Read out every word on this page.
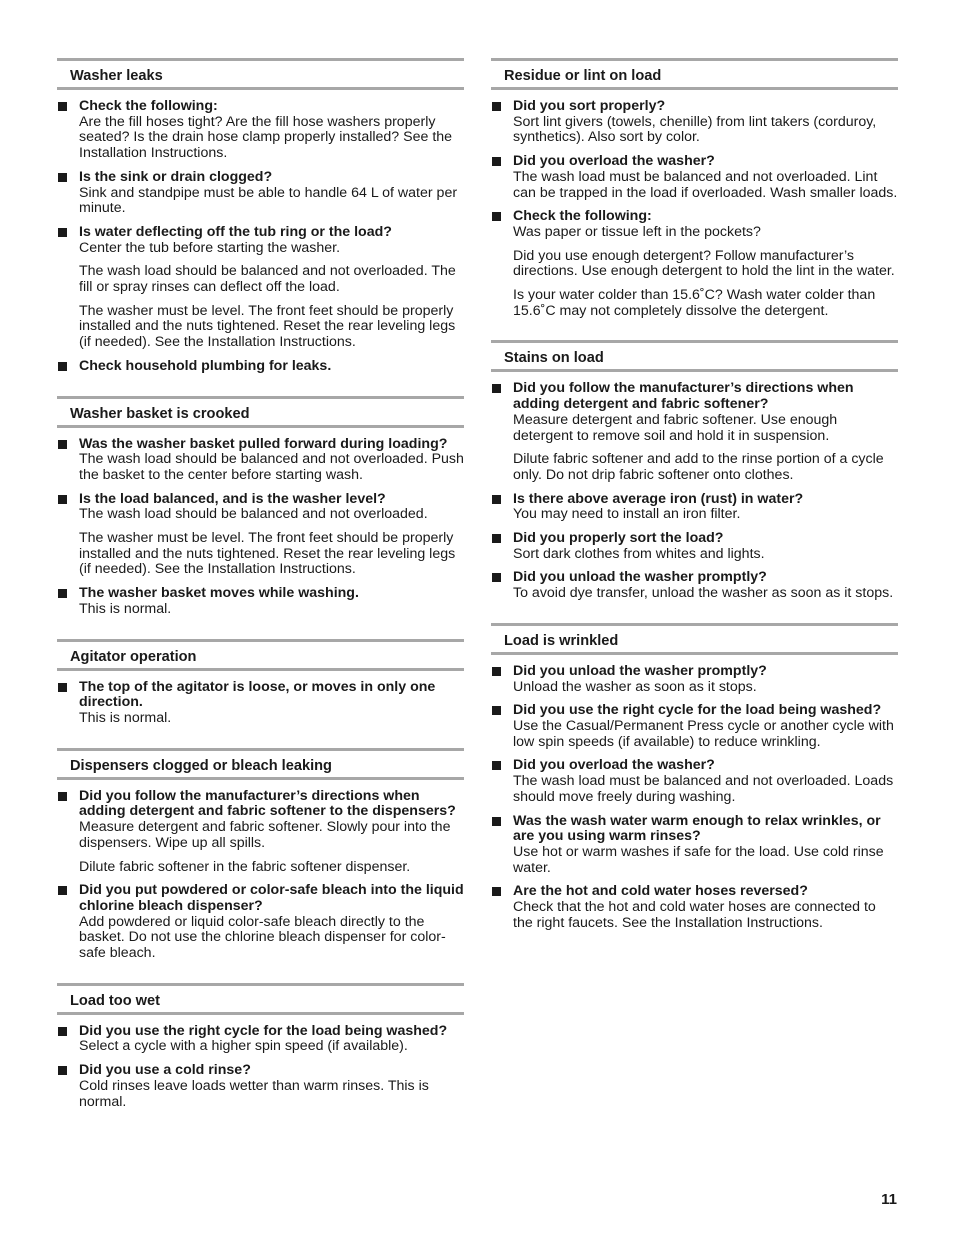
Washer leaks
Check the following:

Are the fill hoses tight? Are the fill hose washers properly seated? Is the drain hose clamp properly installed? See the Installation Instructions.

Is the sink or drain clogged?

Sink and standpipe must be able to handle 64 L of water per minute.

Is water deflecting off the tub ring or the load?

Center the tub before starting the washer.

The wash load should be balanced and not overloaded. The fill or spray rinses can deflect off the load.

The washer must be level. The front feet should be properly installed and the nuts tightened. Reset the rear leveling legs (if needed). See the Installation Instructions.

Check household plumbing for leaks.
Washer basket is crooked
Was the washer basket pulled forward during loading?

The wash load should be balanced and not overloaded. Push the basket to the center before starting wash.

Is the load balanced, and is the washer level?

The wash load should be balanced and not overloaded.

The washer must be level. The front feet should be properly installed and the nuts tightened. Reset the rear leveling legs (if needed). See the Installation Instructions.

The washer basket moves while washing.

This is normal.

Agitator operation
The top of the agitator is loose, or moves in only one direction.

This is normal.

Dispensers clogged or bleach leaking
Did you follow the manufacturer’s directions when adding detergent and fabric softener to the dispensers?

Measure detergent and fabric softener. Slowly pour into the dispensers. Wipe up all spills.

Dilute fabric softener in the fabric softener dispenser.

Did you put powdered or color-safe bleach into the liquid chlorine bleach dispenser?

Add powdered or liquid color-safe bleach directly to the basket. Do not use the chlorine bleach dispenser for color-safe bleach.

Load too wet
Did you use the right cycle for the load being washed?

Select a cycle with a higher spin speed (if available).

Did you use a cold rinse?

Cold rinses leave loads wetter than warm rinses. This is normal.

Residue or lint on load
Did you sort properly?

Sort lint givers (towels, chenille) from lint takers (corduroy, synthetics). Also sort by color.

Did you overload the washer?

The wash load must be balanced and not overloaded. Lint can be trapped in the load if overloaded. Wash smaller loads.

Check the following:

Was paper or tissue left in the pockets?

Did you use enough detergent? Follow manufacturer’s directions. Use enough detergent to hold the lint in the water.

Is your water colder than 15.6˚C? Wash water colder than 15.6˚C may not completely dissolve the detergent.

Stains on load
Did you follow the manufacturer’s directions when adding detergent and fabric softener?

Measure detergent and fabric softener. Use enough detergent to remove soil and hold it in suspension.

Dilute fabric softener and add to the rinse portion of a cycle only. Do not drip fabric softener onto clothes.

Is there above average iron (rust) in water?

You may need to install an iron filter.

Did you properly sort the load?

Sort dark clothes from whites and lights.

Did you unload the washer promptly?

To avoid dye transfer, unload the washer as soon as it stops.

Load is wrinkled
Did you unload the washer promptly?

Unload the washer as soon as it stops.

Did you use the right cycle for the load being washed?

Use the Casual/Permanent Press cycle or another cycle with low spin speeds (if available) to reduce wrinkling.

Did you overload the washer?

The wash load must be balanced and not overloaded. Loads should move freely during washing.

Was the wash water warm enough to relax wrinkles, or are you using warm rinses?

Use hot or warm washes if safe for the load. Use cold rinse water.

Are the hot and cold water hoses reversed?

Check that the hot and cold water hoses are connected to the right faucets. See the Installation Instructions.

11
